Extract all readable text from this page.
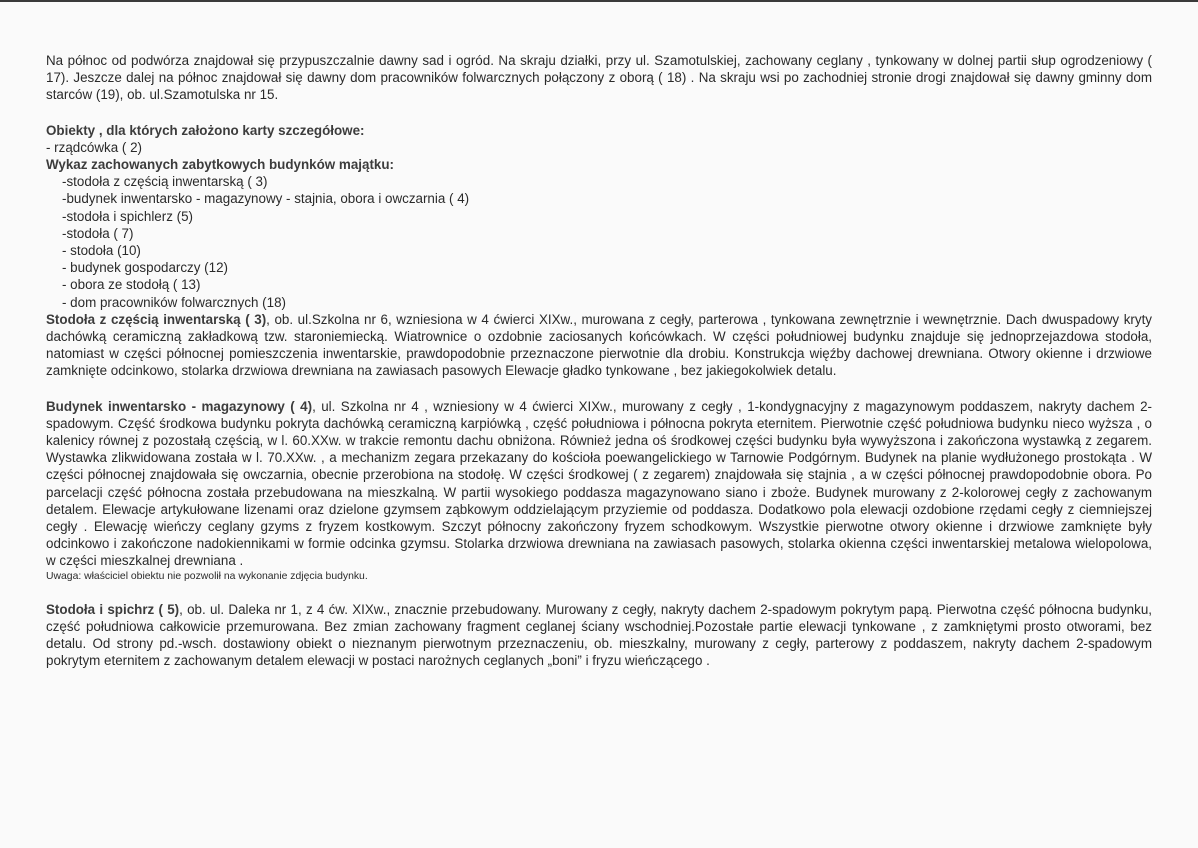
Na północ od podwórza znajdował się przypuszczalnie dawny sad i ogród. Na skraju działki, przy ul. Szamotulskiej, zachowany ceglany , tynkowany w dolnej partii słup ogrodzeniowy ( 17). Jeszcze dalej na północ znajdował się dawny dom pracowników folwarcznych połączony z oborą ( 18) . Na skraju wsi po zachodniej stronie drogi znajdował się dawny gminny dom starców (19), ob. ul.Szamotulska nr 15.

Obiekty , dla których założono karty szczegółowe:
- rządcówka ( 2)
Wykaz zachowanych zabytkowych budynków majątku:
-stodoła z częścią inwentarską ( 3)
-budynek inwentarsko - magazynowy - stajnia, obora i owczarnia ( 4)
-stodoła i spichlerz (5)
-stodoła ( 7)
- stodoła (10)
- budynek gospodarczy (12)
- obora ze stodołą ( 13)
- dom pracowników folwarcznych (18)

Stodoła z częścią inwentarską ( 3), ob. ul.Szkolna nr 6, wzniesiona w 4 ćwierci XIXw., murowana z cegły, parterowa , tynkowana zewnętrznie i wewnętrznie. Dach dwuspadowy kryty dachówką ceramiczną zakładkową tzw. staroniemiecką. Wiatrownice o ozdobnie zaciosanych końcówkach. W części południowej budynku znajduje się jednoprzejazdowa stodoła, natomiast w części północnej pomieszczenia inwentarskie, prawdopodobnie przeznaczone pierwotnie dla drobiu. Konstrukcja więźby dachowej drewniana. Otwory okienne i drzwiowe zamknięte odcinkowo, stolarka drzwiowa drewniana na zawiasach pasowych Elewacje gładko tynkowane , bez jakiegokolwiek detalu.

Budynek inwentarsko - magazynowy ( 4), ul. Szkolna nr 4 , wzniesiony w 4 ćwierci XIXw., murowany z cegły , 1-kondygnacyjny z magazynowym poddaszem, nakryty dachem 2-spadowym. Część środkowa budynku pokryta dachówką ceramiczną karpiówką , część południowa i północna pokryta eternitem. Pierwotnie część południowa budynku nieco wyższa , o kalenicy równej z pozostałą częścią, w l. 60.XXw. w trakcie remontu dachu obniżona. Również jedna oś środkowej części budynku była wywyższona i zakończona wystawką z zegarem. Wystawka zlikwidowana została w l. 70.XXw. , a mechanizm zegara przekazany do kościoła poewangelickiego w Tarnowie Podgórnym. Budynek na planie wydłużonego prostokąta . W części północnej znajdowała się owczarnia, obecnie przerobiona na stodołę. W części środkowej ( z zegarem) znajdowała się stajnia , a w części północnej prawdopodobnie obora. Po parcelacji część północna została przebudowana na mieszkalną. W partii wysokiego poddasza magazynowano siano i zboże. Budynek murowany z 2-kolorowej cegły z zachowanym detalem. Elewacje artykułowane lizenami oraz dzielone gzymsem ząbkowym oddzielającym przyziemie od poddasza. Dodatkowo pola elewacji ozdobione rzędami cegły z ciemniejszej cegły . Elewację wieńczy ceglany gzyms z fryzem kostkowym. Szczyt północny zakończony fryzem schodkowym. Wszystkie pierwotne otwory okienne i drzwiowe zamknięte były odcinkowo i zakończone nadokiennikami w formie odcinka gzymsu. Stolarka drzwiowa drewniana na zawiasach pasowych, stolarka okienna części inwentarskiej metalowa wielopolowa, w części mieszkalnej drewniana .

Uwaga: właściciel obiektu nie pozwolił na wykonanie zdjęcia budynku.

Stodoła i spichrz ( 5), ob. ul. Daleka nr 1, z 4 ćw. XIXw., znacznie przebudowany. Murowany z cegły, nakryty dachem 2-spadowym pokrytym papą. Pierwotna część północna budynku, część południowa całkowicie przemurowana. Bez zmian zachowany fragment ceglanej ściany wschodniej.Pozostałe partie elewacji tynkowane , z zamkniętymi prosto otworami, bez detalu. Od strony pd.-wsch. dostawiony obiekt o nieznanym pierwotnym przeznaczeniu, ob. mieszkalny, murowany z cegły, parterowy z poddaszem, nakryty dachem 2-spadowym pokrytym eternitem z zachowanym detalem elewacji w postaci narożnych ceglanych „boni” i fryzu wieńczącego .
